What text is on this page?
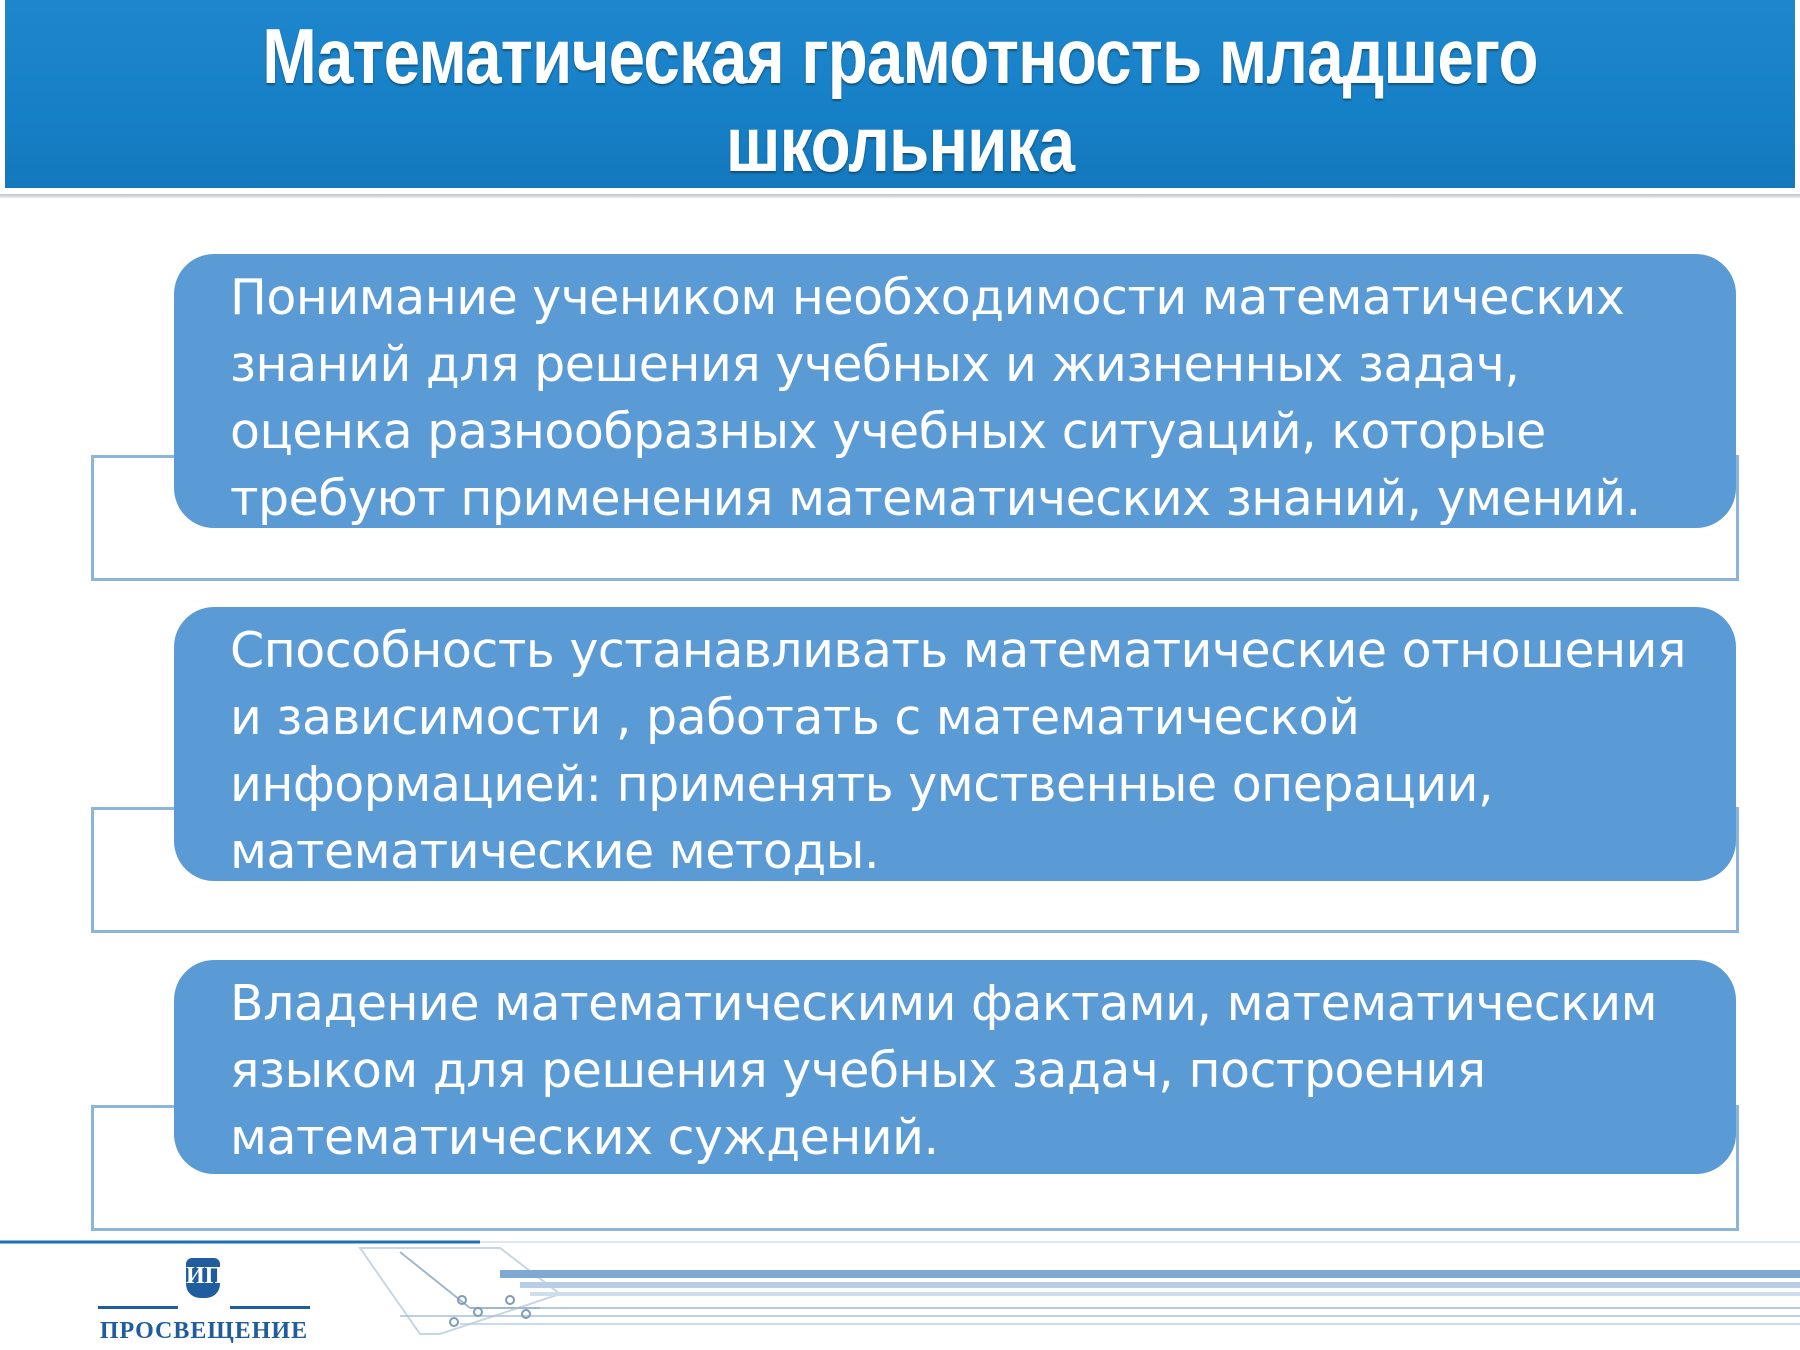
Математическая грамотность младшего
школьника
Понимание учеником необходимости математических
знаний для решения учебных и жизненных задач,
оценка разнообразных учебных ситуаций, которые
требуют применения математических знаний, умений.
Способность устанавливать математические отношения
и зависимости , работать с математической
информацией: применять умственные операции,
математические методы.
Владение математическими фактами, математическим
языком для решения учебных задач, построения
математических суждений.
ИП
ПРОСВЕЩЕНИЕ
